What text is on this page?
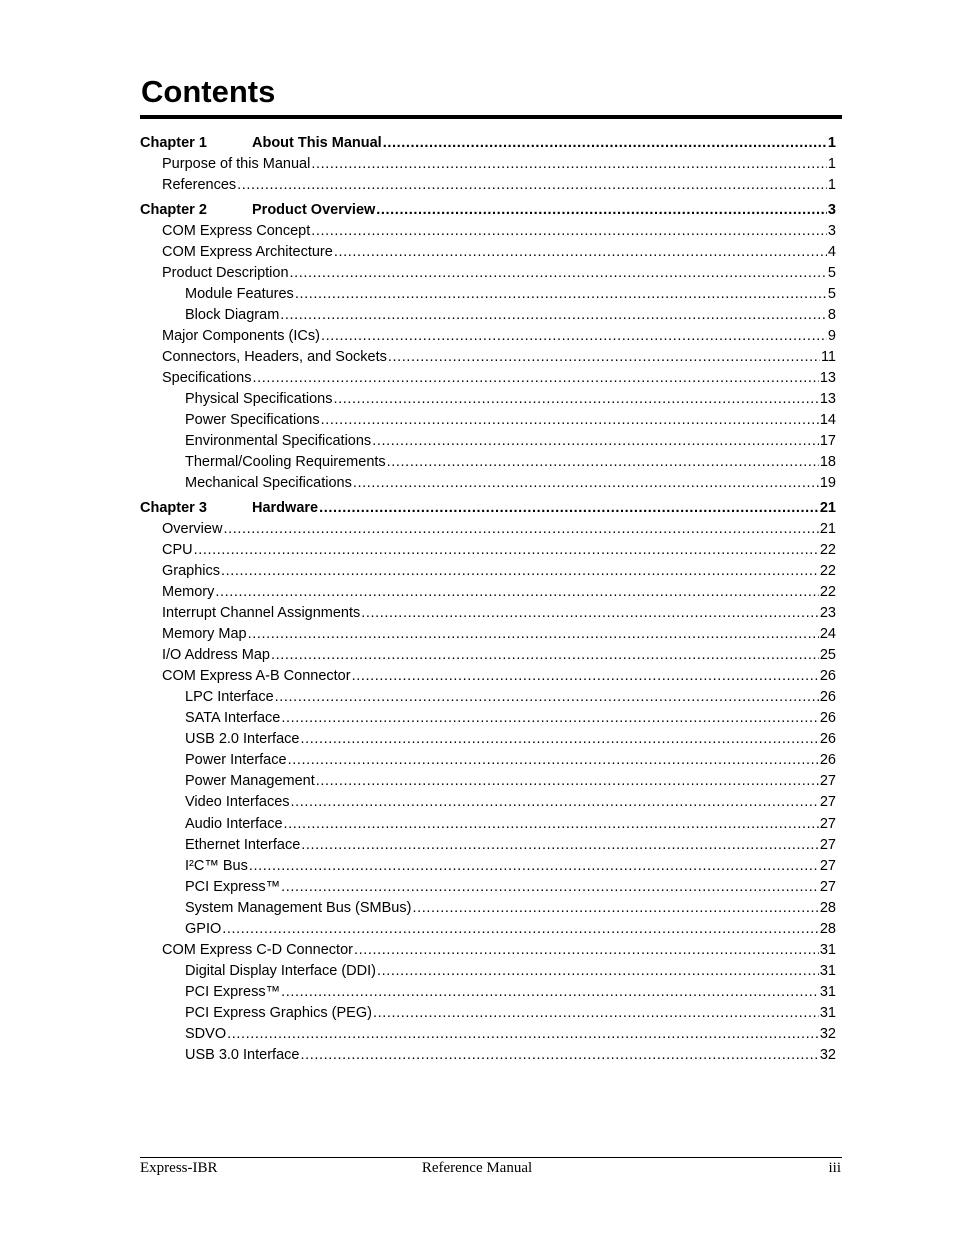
Contents
Chapter 1	About This Manual .....	1
Purpose of this Manual .....	1
References .....	1
Chapter 2	Product Overview .....	3
COM Express Concept .....	3
COM Express Architecture .....	4
Product Description .....	5
Module Features .....	5
Block Diagram .....	8
Major Components (ICs) .....	9
Connectors, Headers, and Sockets .....	11
Specifications .....	13
Physical Specifications .....	13
Power Specifications .....	14
Environmental Specifications .....	17
Thermal/Cooling Requirements .....	18
Mechanical Specifications .....	19
Chapter 3	Hardware .....	21
Overview .....	21
CPU .....	22
Graphics .....	22
Memory .....	22
Interrupt Channel Assignments .....	23
Memory Map .....	24
I/O Address Map .....	25
COM Express A-B Connector .....	26
LPC Interface .....	26
SATA Interface .....	26
USB 2.0 Interface .....	26
Power Interface .....	26
Power Management .....	27
Video Interfaces .....	27
Audio Interface .....	27
Ethernet Interface .....	27
I²C™ Bus .....	27
PCI Express™ .....	27
System Management Bus (SMBus) .....	28
GPIO .....	28
COM Express C-D Connector .....	31
Digital Display Interface (DDI) .....	31
PCI Express™ .....	31
PCI Express Graphics (PEG) .....	31
SDVO .....	32
USB 3.0 Interface .....	32
Express-IBR	Reference Manual	iii
